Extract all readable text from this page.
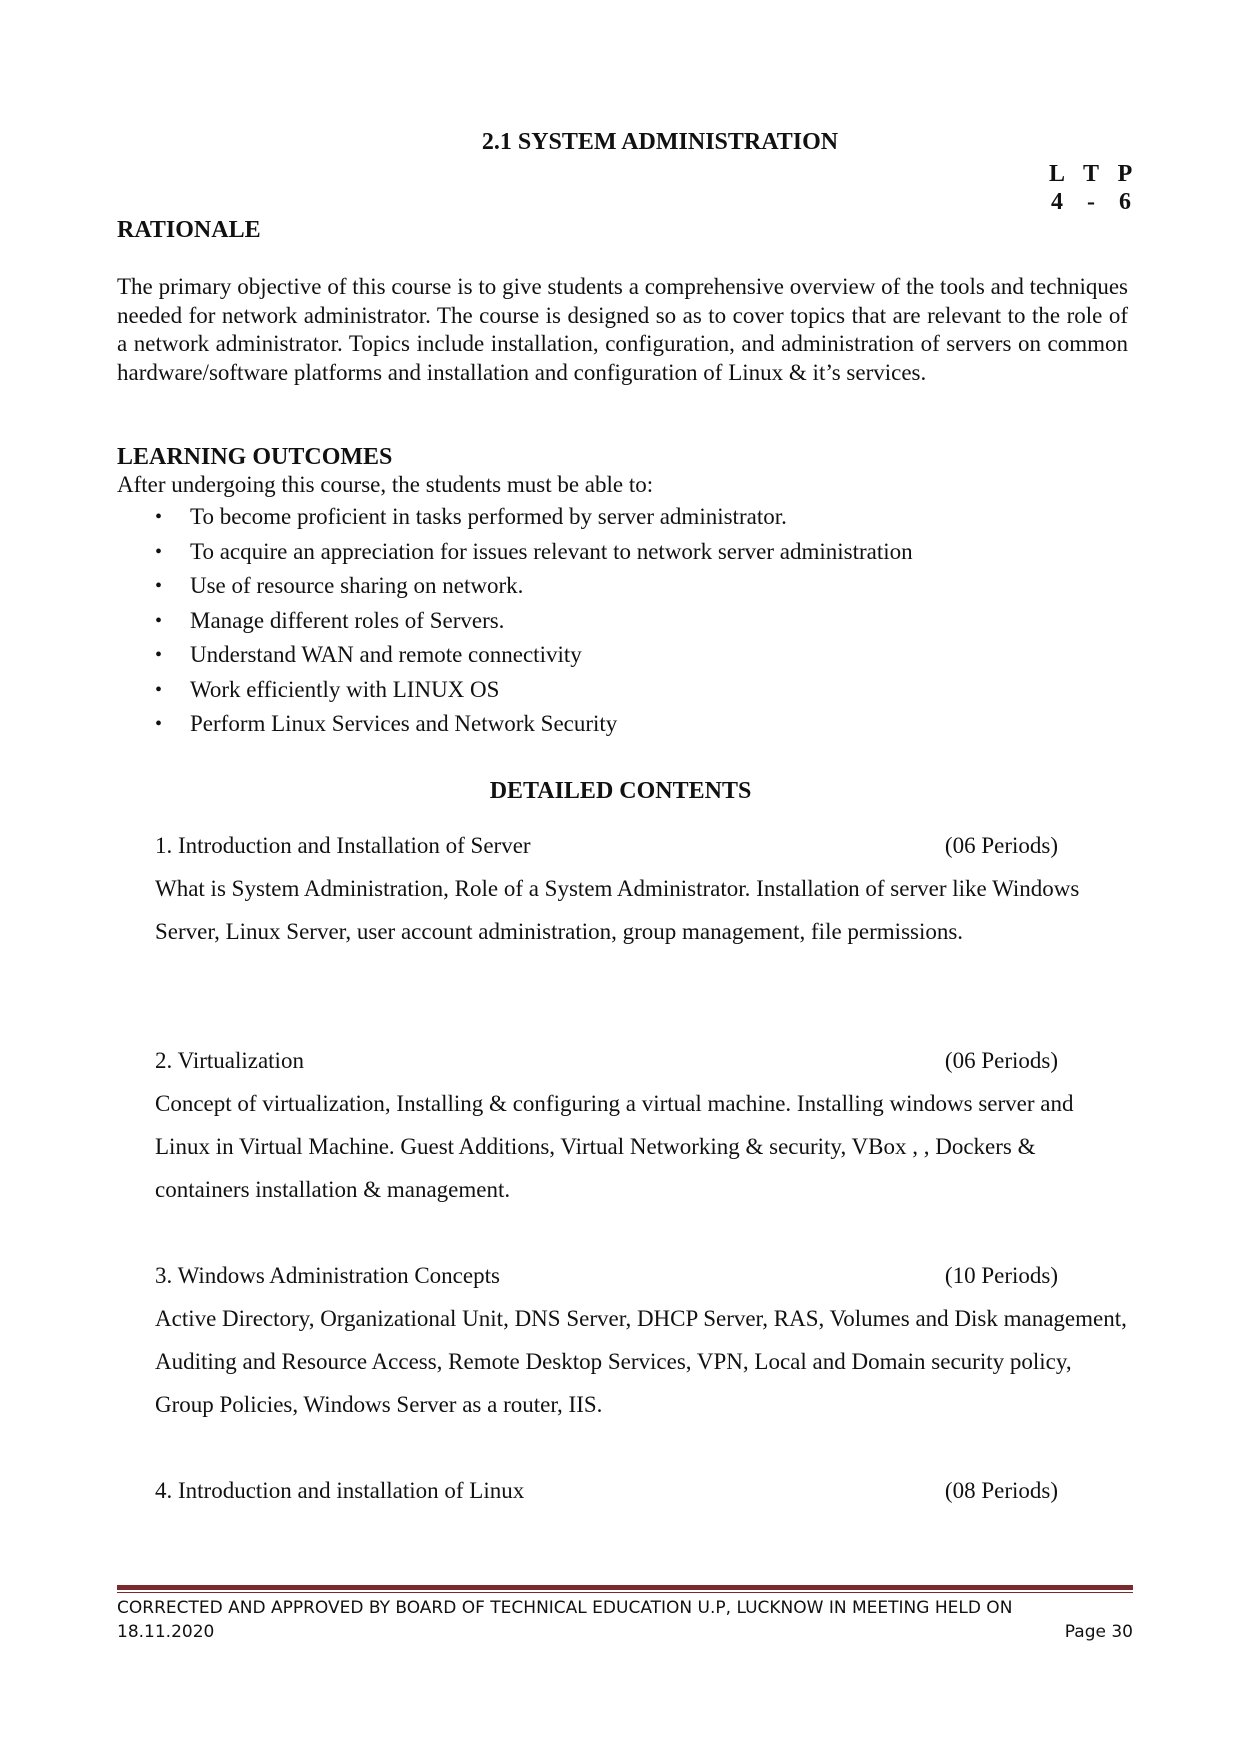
2.1 SYSTEM ADMINISTRATION
L T P
4 - 6
RATIONALE
The primary objective of this course is to give students a comprehensive overview of the tools and techniques needed for network administrator. The course is designed so as to cover topics that are relevant to the role of a network administrator. Topics include installation, configuration, and administration of servers on common hardware/software platforms and installation and configuration of Linux & it’s services.
LEARNING OUTCOMES
After undergoing this course, the students must be able to:
• To become proficient in tasks performed by server administrator.
• To acquire an appreciation for issues relevant to network server administration
• Use of resource sharing on network.
• Manage different roles of Servers.
• Understand WAN and remote connectivity
• Work efficiently with LINUX OS
• Perform Linux Services and Network Security
DETAILED CONTENTS
1. Introduction and Installation of Server	(06 Periods)
What is System Administration, Role of a System Administrator. Installation of server like Windows Server, Linux Server, user account administration, group management, file permissions.
2. Virtualization	(06 Periods)
Concept of virtualization, Installing & configuring a virtual machine. Installing windows server and Linux in Virtual Machine. Guest Additions, Virtual Networking & security, VBox , , Dockers & containers installation & management.
3. Windows Administration Concepts	(10 Periods)
Active Directory, Organizational Unit, DNS Server, DHCP Server, RAS, Volumes and Disk management, Auditing and Resource Access, Remote Desktop Services, VPN, Local and Domain security policy, Group Policies, Windows Server as a router, IIS.
4. Introduction and installation of Linux	(08 Periods)
CORRECTED AND APPROVED BY BOARD OF TECHNICAL EDUCATION U.P, LUCKNOW IN MEETING HELD ON
18.11.2020	Page 30
